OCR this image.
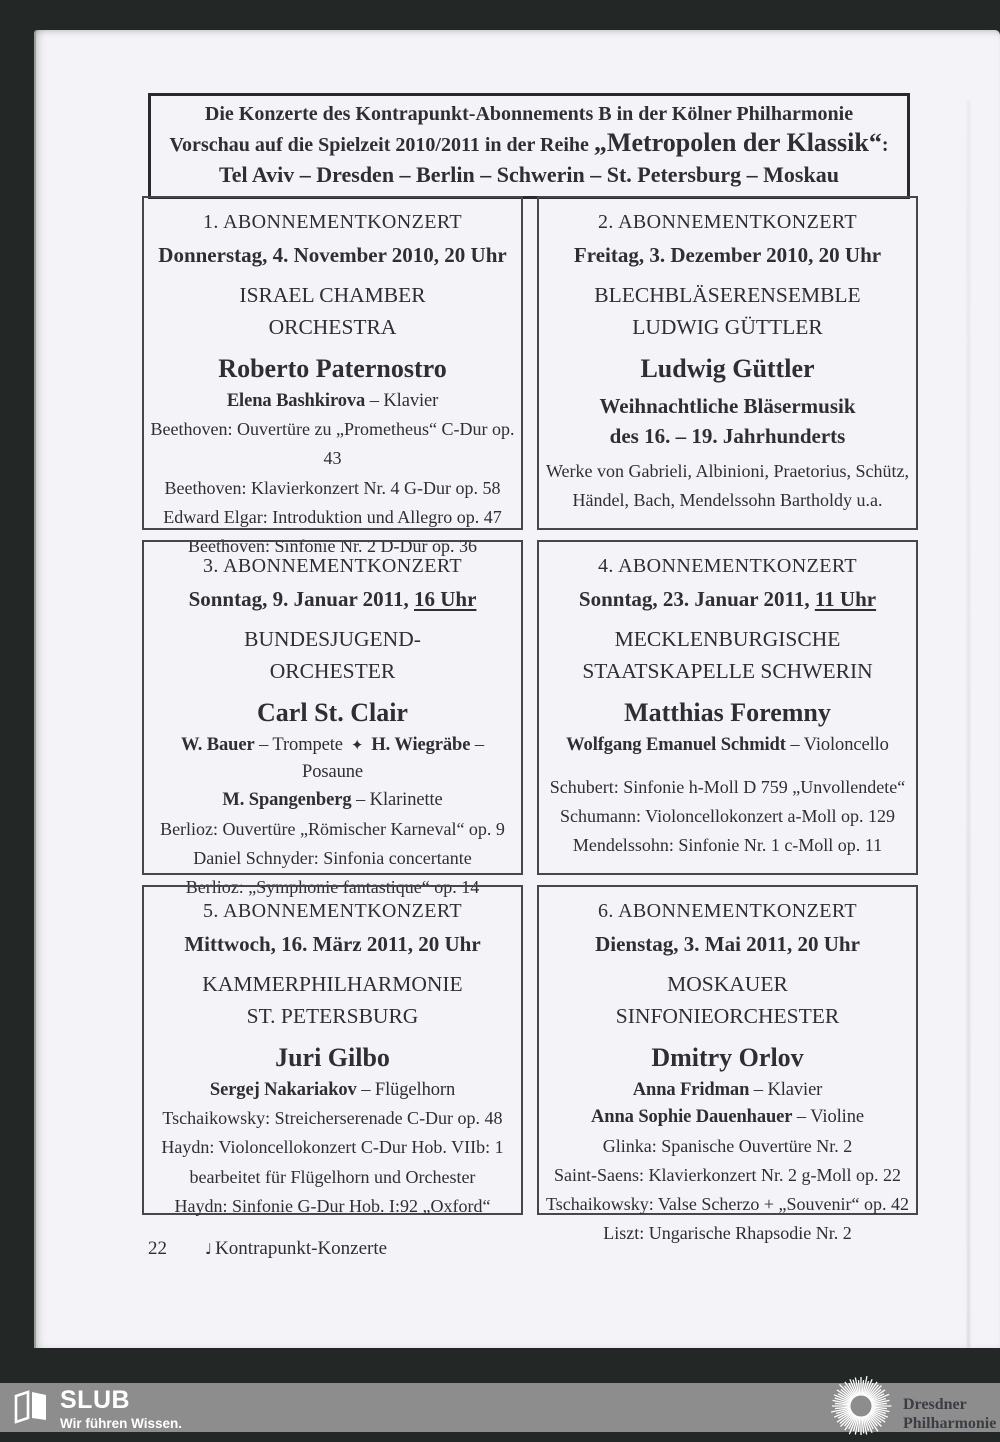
Die Konzerte des Kontrapunkt-Abonnements B in der Kölner Philharmonie
Vorschau auf die Spielzeit 2010/2011 in der Reihe „Metropolen der Klassik“:
Tel Aviv – Dresden – Berlin – Schwerin – St. Petersburg – Moskau
1. ABONNEMENTKONZERT
Donnerstag, 4. November 2010, 20 Uhr
ISRAEL CHAMBER
ORCHESTRA
Roberto Paternostro
Elena Bashkirova – Klavier
Beethoven: Ouvertüre zu „Prometheus“ C-Dur op. 43
Beethoven: Klavierkonzert Nr. 4 G-Dur op. 58
Edward Elgar: Introduktion und Allegro op. 47
Beethoven: Sinfonie Nr. 2 D-Dur op. 36
2. ABONNEMENTKONZERT
Freitag, 3. Dezember 2010, 20 Uhr
BLECHBLÄSERENSEMBLE
LUDWIG GÜTTLER
Ludwig Güttler
Weihnachtliche Bläsermusik
des 16. – 19. Jahrhunderts
Werke von Gabrieli, Albinioni, Praetorius, Schütz,
Händel, Bach, Mendelssohn Bartholdy u.a.
3. ABONNEMENTKONZERT
Sonntag, 9. Januar 2011, 16 Uhr
BUNDESJUGEND-
ORCHESTER
Carl St. Clair
W. Bauer – Trompete ✦ H. Wiegräbe – Posaune
M. Spangenberg – Klarinette
Berlioz: Ouvertüre „Römischer Karneval“ op. 9
Daniel Schnyder: Sinfonia concertante
Berlioz: „Symphonie fantastique“ op. 14
4. ABONNEMENTKONZERT
Sonntag, 23. Januar 2011, 11 Uhr
MECKLENBURGISCHE
STAATSKAPELLE SCHWERIN
Matthias Foremny
Wolfgang Emanuel Schmidt – Violoncello
Schubert: Sinfonie h-Moll D 759 „Unvollendete“
Schumann: Violoncellokonzert a-Moll op. 129
Mendelssohn: Sinfonie Nr. 1 c-Moll op. 11
5. ABONNEMENTKONZERT
Mittwoch, 16. März 2011, 20 Uhr
KAMMERPHILHARMONIE
ST. PETERSBURG
Juri Gilbo
Sergej Nakariakov – Flügelhorn
Tschaikowsky: Streicherserenade C-Dur op. 48
Haydn: Violoncellokonzert C-Dur Hob. VIIb: 1
bearbeitet für Flügelhorn und Orchester
Haydn: Sinfonie G-Dur Hob. I:92 „Oxford“
6. ABONNEMENTKONZERT
Dienstag, 3. Mai 2011, 20 Uhr
MOSKAUER
SINFONIEORCHESTER
Dmitry Orlov
Anna Fridman – Klavier
Anna Sophie Dauenhauer – Violine
Glinka: Spanische Ouvertüre Nr. 2
Saint-Saens: Klavierkonzert Nr. 2 g-Moll op. 22
Tschaikowsky: Valse Scherzo + „Souvenir“ op. 42
Liszt: Ungarische Rhapsodie Nr. 2
22	♩ Kontrapunkt-Konzerte
SLUB
Wir führen Wissen.
Dresdner
Philharmonie
